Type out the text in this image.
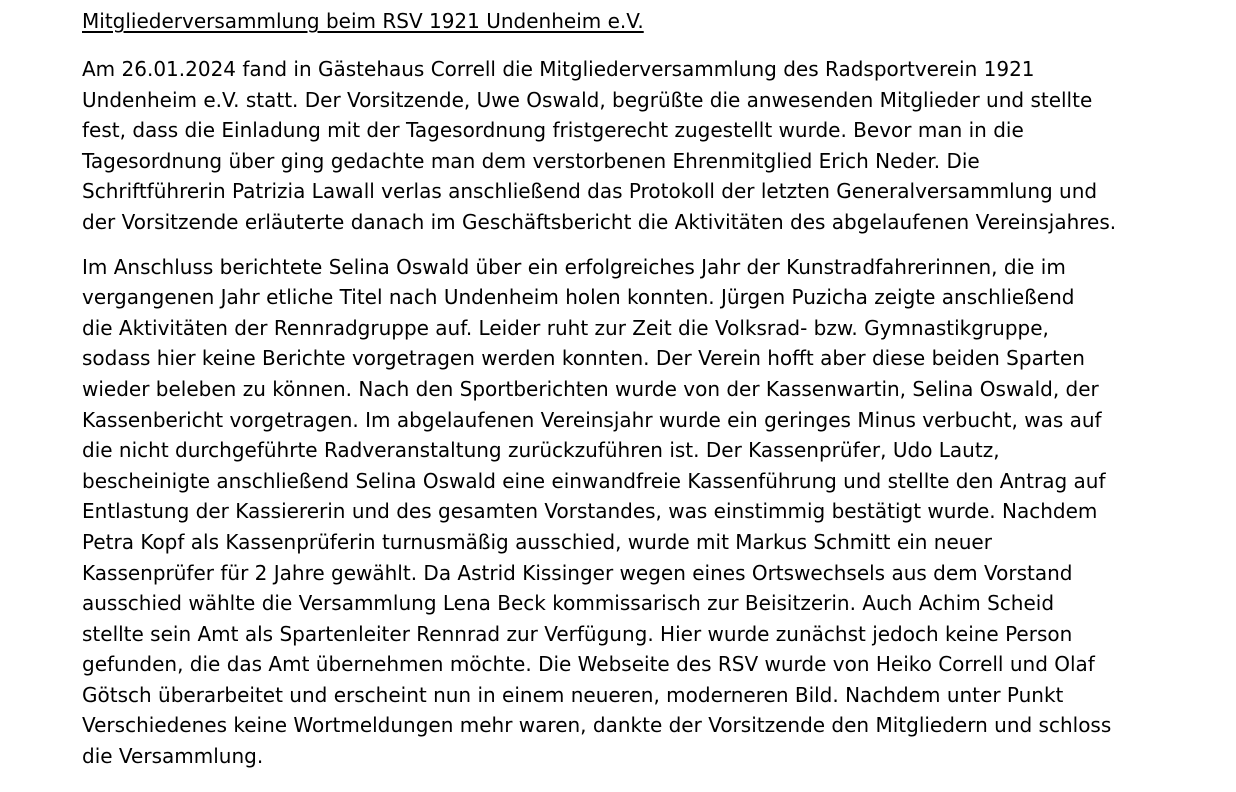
Mitgliederversammlung beim RSV 1921 Undenheim e.V.

Am 26.01.2024 fand in Gästehaus Correll die Mitgliederversammlung des Radsportverein 1921
Undenheim e.V. statt. Der Vorsitzende, Uwe Oswald, begrüßte die anwesenden Mitglieder und stellte
fest, dass die Einladung mit der Tagesordnung fristgerecht zugestellt wurde. Bevor man in die
Tagesordnung über ging gedachte man dem verstorbenen Ehrenmitglied Erich Neder. Die
Schriftführerin Patrizia Lawall verlas anschließend das Protokoll der letzten Generalversammlung und
der Vorsitzende erläuterte danach im Geschäftsbericht die Aktivitäten des abgelaufenen Vereinsjahres.

Im Anschluss berichtete Selina Oswald über ein erfolgreiches Jahr der Kunstradfahrerinnen, die im
vergangenen Jahr etliche Titel nach Undenheim holen konnten. Jürgen Puzicha zeigte anschließend
die Aktivitäten der Rennradgruppe auf. Leider ruht zur Zeit die Volksrad- bzw. Gymnastikgruppe,
sodass hier keine Berichte vorgetragen werden konnten. Der Verein hofft aber diese beiden Sparten
wieder beleben zu können. Nach den Sportberichten wurde von der Kassenwartin, Selina Oswald, der
Kassenbericht vorgetragen. Im abgelaufenen Vereinsjahr wurde ein geringes Minus verbucht, was auf
die nicht durchgeführte Radveranstaltung zurückzuführen ist. Der Kassenprüfer, Udo Lautz,
bescheinigte anschließend Selina Oswald eine einwandfreie Kassenführung und stellte den Antrag auf
Entlastung der Kassiererin und des gesamten Vorstandes, was einstimmig bestätigt wurde. Nachdem
Petra Kopf als Kassenprüferin turnusmäßig ausschied, wurde mit Markus Schmitt ein neuer
Kassenprüfer für 2 Jahre gewählt. Da Astrid Kissinger wegen eines Ortswechsels aus dem Vorstand
ausschied wählte die Versammlung Lena Beck kommissarisch zur Beisitzerin. Auch Achim Scheid
stellte sein Amt als Spartenleiter Rennrad zur Verfügung. Hier wurde zunächst jedoch keine Person
gefunden, die das Amt übernehmen möchte. Die Webseite des RSV wurde von Heiko Correll und Olaf
Götsch überarbeitet und erscheint nun in einem neueren, moderneren Bild. Nachdem unter Punkt
Verschiedenes keine Wortmeldungen mehr waren, dankte der Vorsitzende den Mitgliedern und schloss
die Versammlung.
